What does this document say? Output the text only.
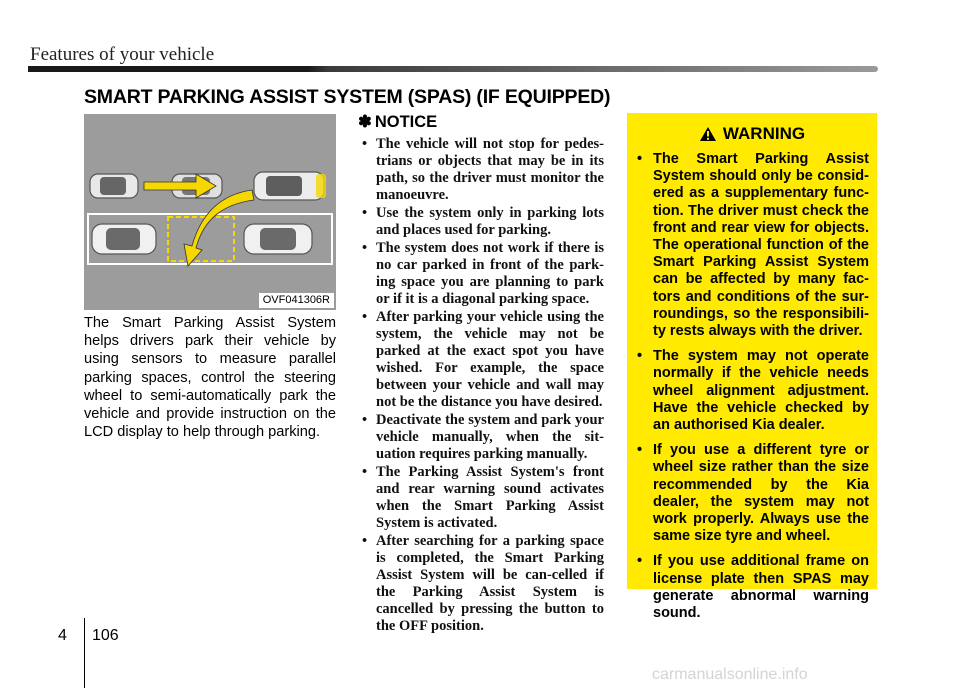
Features of your vehicle
SMART PARKING ASSIST SYSTEM (SPAS) (IF EQUIPPED)
OVF041306R
The Smart Parking Assist System helps drivers park their vehicle by using sensors to measure parallel parking spaces, control the steering wheel to semi-automatically park the vehicle and provide instruction on the LCD display to help through parking.
✽ NOTICE
• The vehicle will not stop for pedes-trians or objects that may be in its path, so the driver must monitor the manoeuvre.
• Use the system only in parking lots and places used for parking.
• The system does not work if there is no car parked in front of the park-ing space you are planning to park or if it is a diagonal parking space.
• After parking your vehicle using the system, the vehicle may not be parked at the exact spot you have wished. For example, the space between your vehicle and wall may not be the distance you have desired.
• Deactivate the system and park your vehicle manually, when the sit-uation requires parking manually.
• The Parking Assist System's front and rear warning sound activates when the Smart Parking Assist System is activated.
• After searching for a parking space is completed, the Smart Parking Assist System will be can-celled if the Parking Assist System is cancelled by pressing the button to the OFF position.
WARNING
• The Smart Parking Assist System should only be consid-ered as a supplementary func-tion. The driver must check the front and rear view for objects. The operational function of the Smart Parking Assist System can be affected by many fac-tors and conditions of the sur-roundings, so the responsibili-ty rests always with the driver.
• The system may not operate normally if the vehicle needs wheel alignment adjustment. Have the vehicle checked by an authorised Kia dealer.
• If you use a different tyre or wheel size rather than the size recommended by the Kia dealer, the system may not work properly. Always use the same size tyre and wheel.
• If you use additional frame on license plate then SPAS may generate abnormal warning sound.
4 106
carmanualsonline.info
